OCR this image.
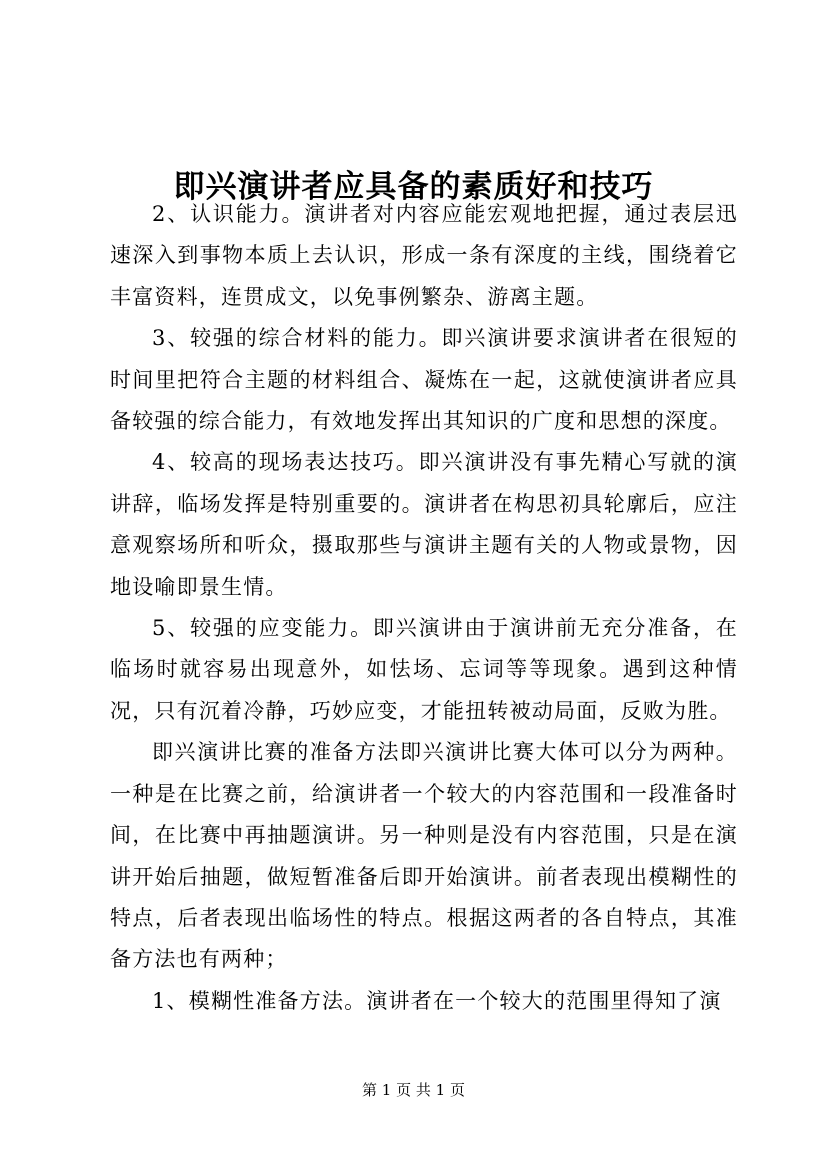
即兴演讲者应具备的素质好和技巧

2、认识能力。演讲者对内容应能宏观地把握，通过表层迅速深入到事物本质上去认识，形成一条有深度的主线，围绕着它丰富资料，连贯成文，以免事例繁杂、游离主题。

3、较强的综合材料的能力。即兴演讲要求演讲者在很短的时间里把符合主题的材料组合、凝炼在一起，这就使演讲者应具备较强的综合能力，有效地发挥出其知识的广度和思想的深度。

4、较高的现场表达技巧。即兴演讲没有事先精心写就的演讲辞，临场发挥是特别重要的。演讲者在构思初具轮廓后，应注意观察场所和听众，摄取那些与演讲主题有关的人物或景物，因地设喻即景生情。

5、较强的应变能力。即兴演讲由于演讲前无充分准备，在临场时就容易出现意外，如怯场、忘词等等现象。遇到这种情况，只有沉着冷静，巧妙应变，才能扭转被动局面，反败为胜。

即兴演讲比赛的准备方法即兴演讲比赛大体可以分为两种。一种是在比赛之前，给演讲者一个较大的内容范围和一段准备时间，在比赛中再抽题演讲。另一种则是没有内容范围，只是在演讲开始后抽题，做短暂准备后即开始演讲。前者表现出模糊性的特点，后者表现出临场性的特点。根据这两者的各自特点，其准备方法也有两种；

1、模糊性准备方法。演讲者在一个较大的范围里得知了演

第 1 页 共 1 页
